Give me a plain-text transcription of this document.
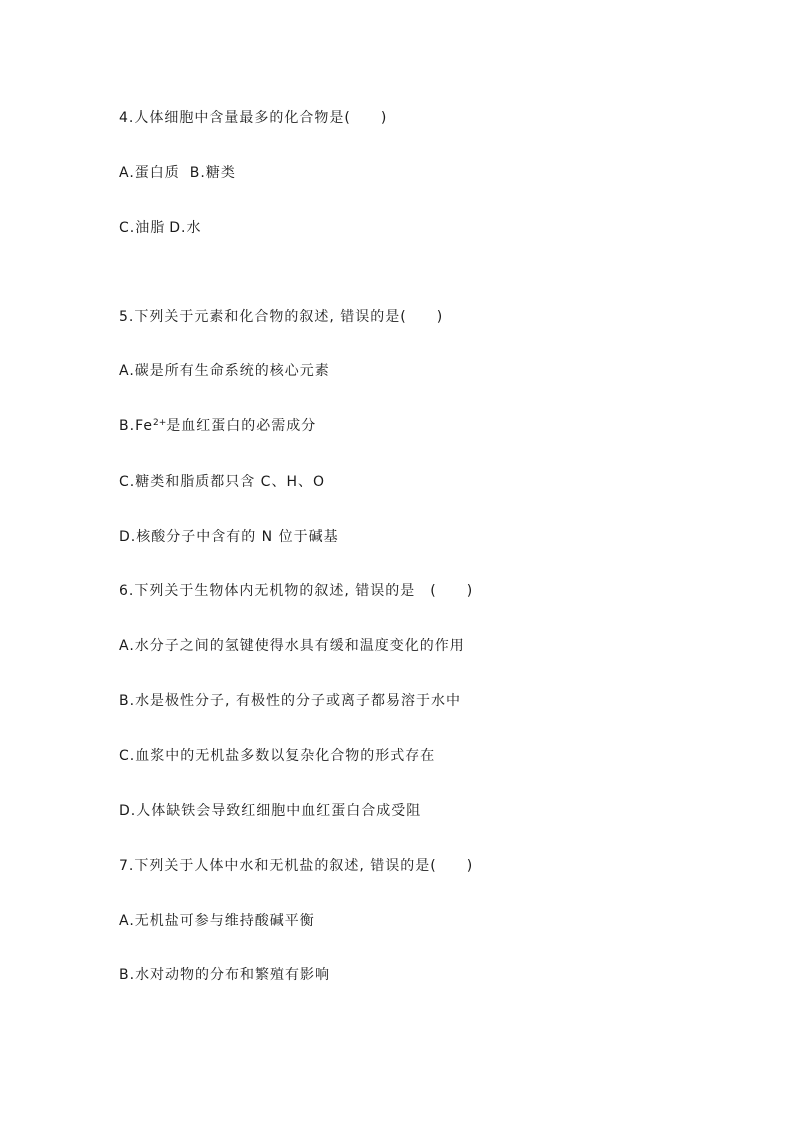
4.人体细胞中含量最多的化合物是(　　)
A.蛋白质 B.糖类
C.油脂 D.水
5.下列关于元素和化合物的叙述, 错误的是(　　)
A.碳是所有生命系统的核心元素
$B.Fe^{2+}$是血红蛋白的必需成分
C.糖类和脂质都只含 C、H、O
D.核酸分子中含有的 N 位于碱基
6.下列关于生物体内无机物的叙述, 错误的是　(　　)
A.水分子之间的氢键使得水具有缓和温度变化的作用
B.水是极性分子, 有极性的分子或离子都易溶于水中
C.血浆中的无机盐多数以复杂化合物的形式存在
D.人体缺铁会导致红细胞中血红蛋白合成受阻
7.下列关于人体中水和无机盐的叙述, 错误的是(　　)
A.无机盐可参与维持酸碱平衡
B.水对动物的分布和繁殖有影响
